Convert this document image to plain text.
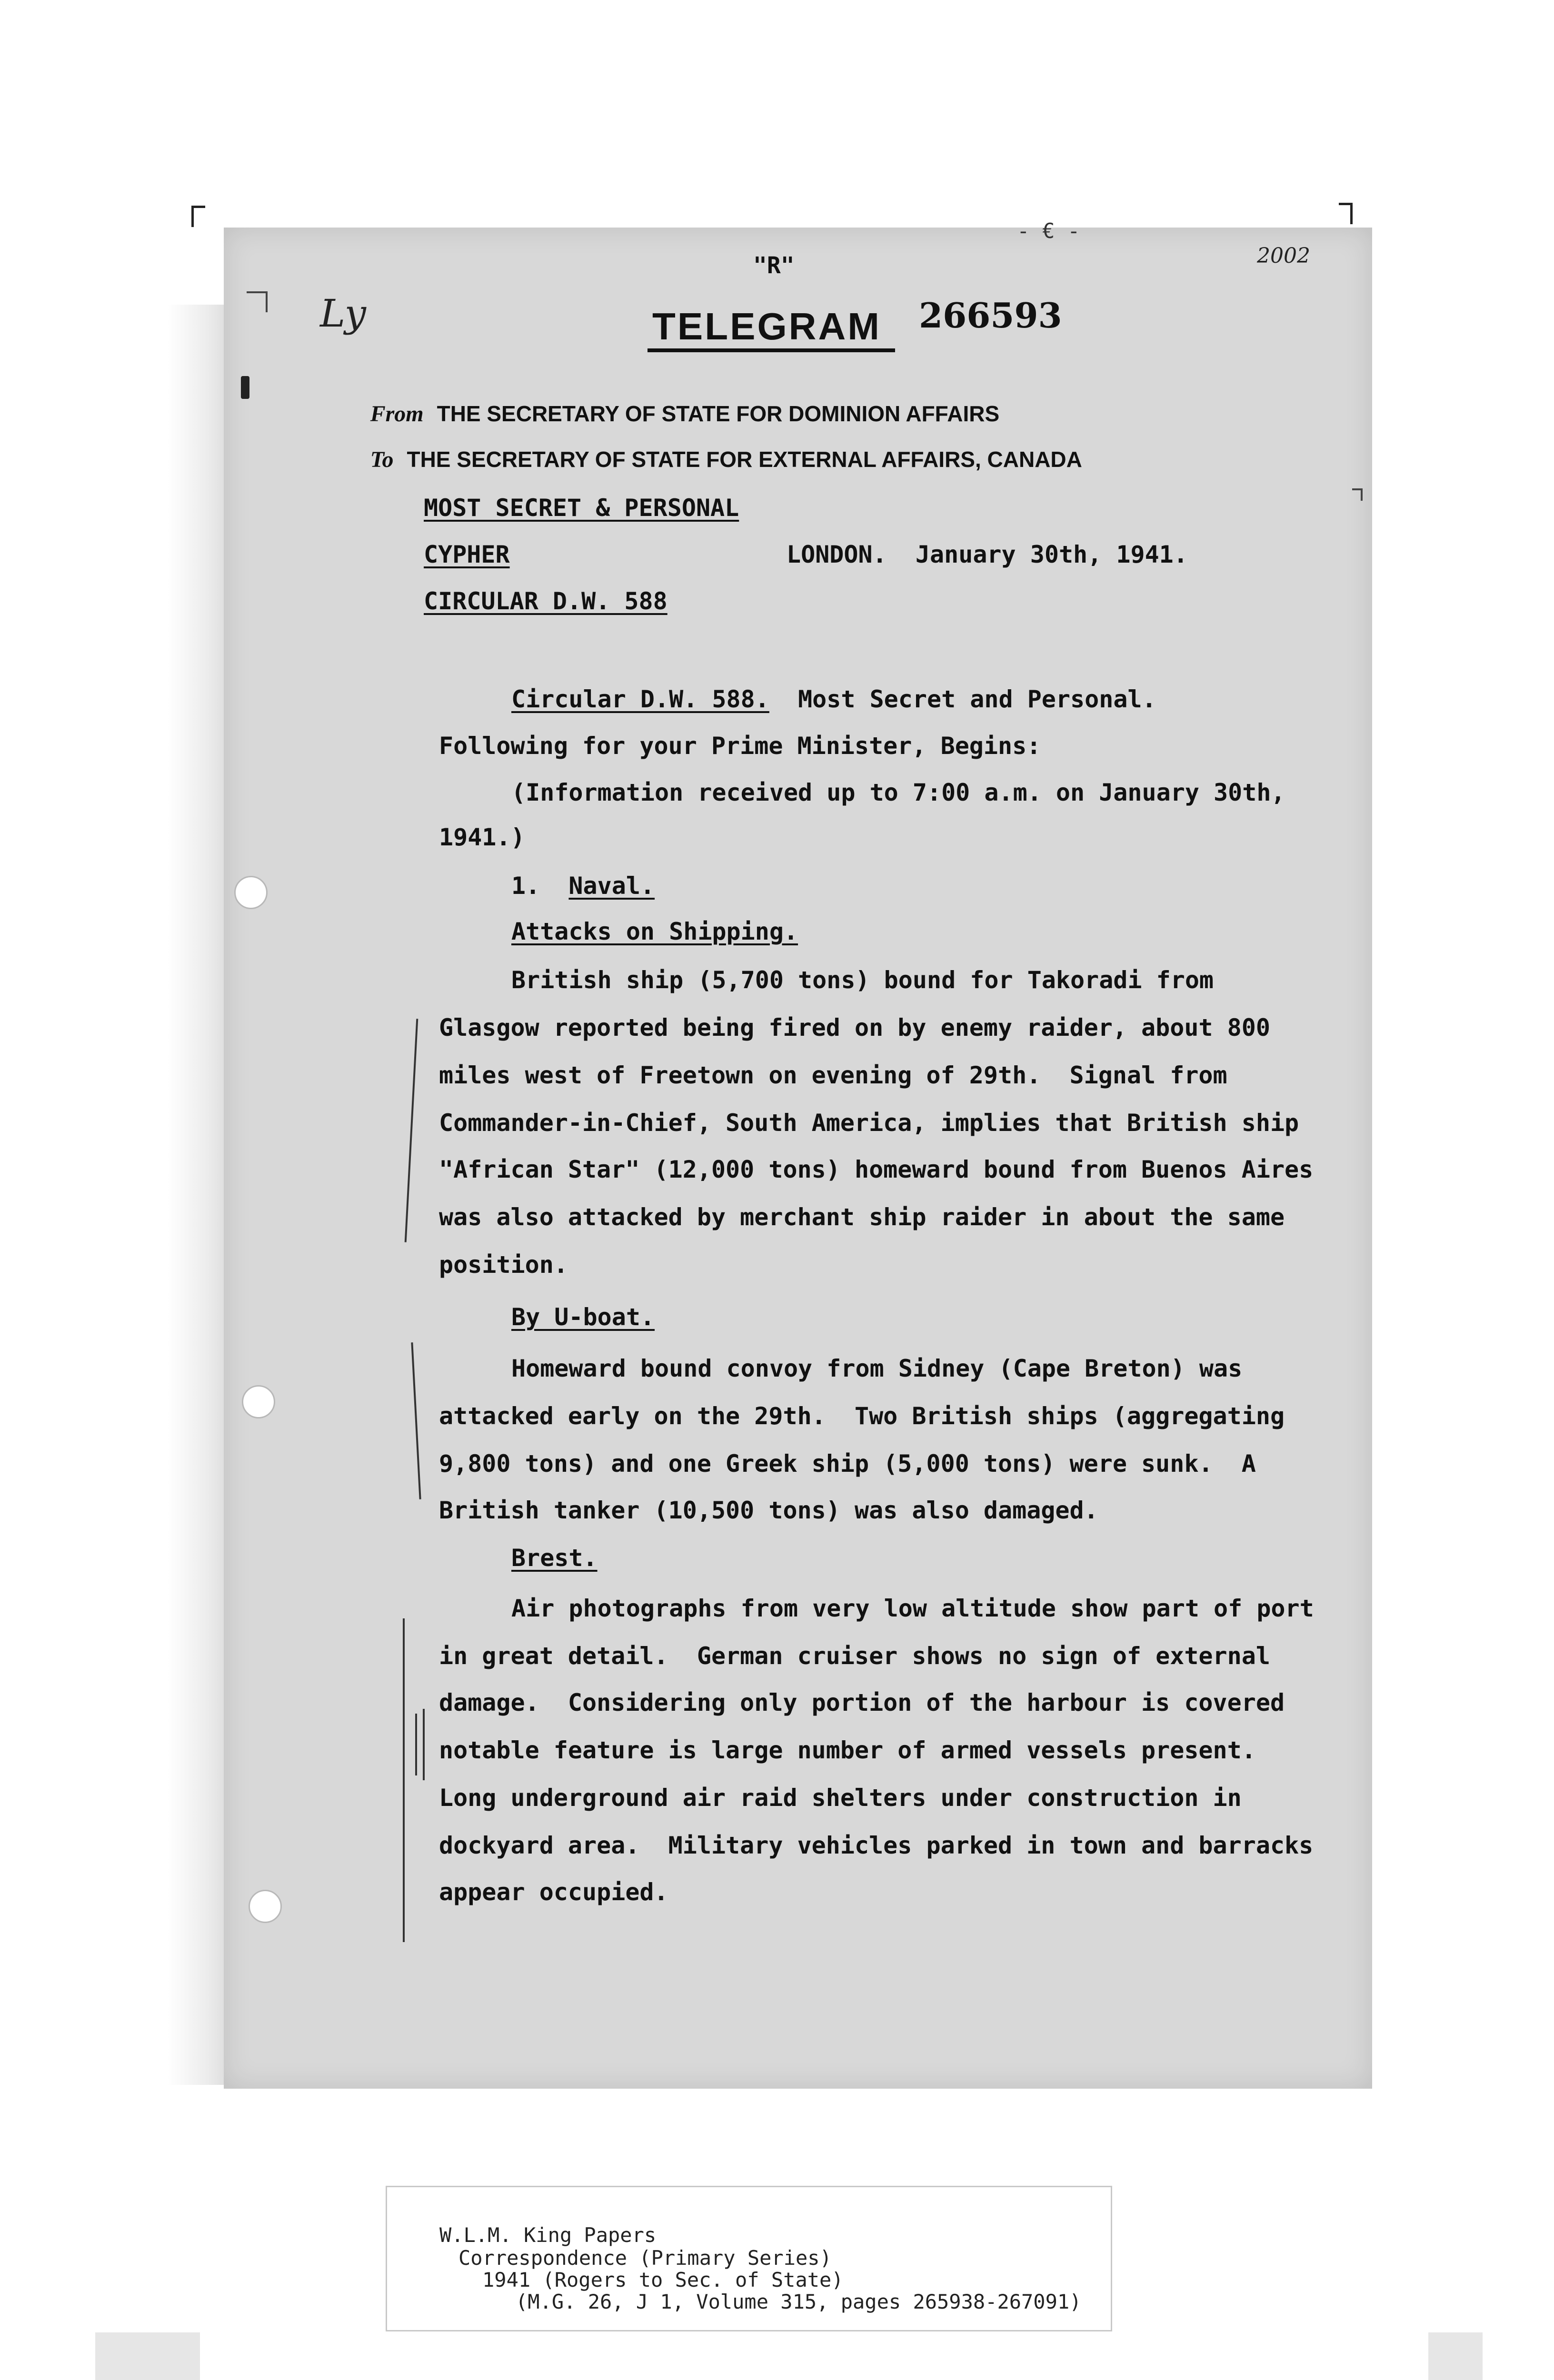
- € -
"R"	2002
Ly	TELEGRAM 266593

From THE SECRETARY OF STATE FOR DOMINION AFFAIRS

To THE SECRETARY OF STATE FOR EXTERNAL AFFAIRS, CANADA

MOST SECRET & PERSONAL
CYPHER
CIRCULAR D.W. 588
LONDON.  January 30th, 1941.
Circular D.W. 588.  Most Secret and Personal.
Following for your Prime Minister, Begins:
(Information received up to 7:00 a.m. on January 30th,
1941.)
1.  Naval.
Attacks on Shipping.
British ship (5,700 tons) bound for Takoradi from
Glasgow reported being fired on by enemy raider, about 800
miles west of Freetown on evening of 29th.  Signal from
Commander-in-Chief, South America, implies that British ship
"African Star" (12,000 tons) homeward bound from Buenos Aires
was also attacked by merchant ship raider in about the same
position.
By U-boat.
Homeward bound convoy from Sidney (Cape Breton) was
attacked early on the 29th.  Two British ships (aggregating
9,800 tons) and one Greek ship (5,000 tons) were sunk.  A
British tanker (10,500 tons) was also damaged.
Brest.
Air photographs from very low altitude show part of port
in great detail.  German cruiser shows no sign of external
damage.  Considering only portion of the harbour is covered
notable feature is large number of armed vessels present.
Long underground air raid shelters under construction in
dockyard area.  Military vehicles parked in town and barracks
appear occupied.
W.L.M. King Papers
Correspondence (Primary Series)
1941 (Rogers to Sec. of State)
(M.G. 26, J 1, Volume 315, pages 265938-267091)
